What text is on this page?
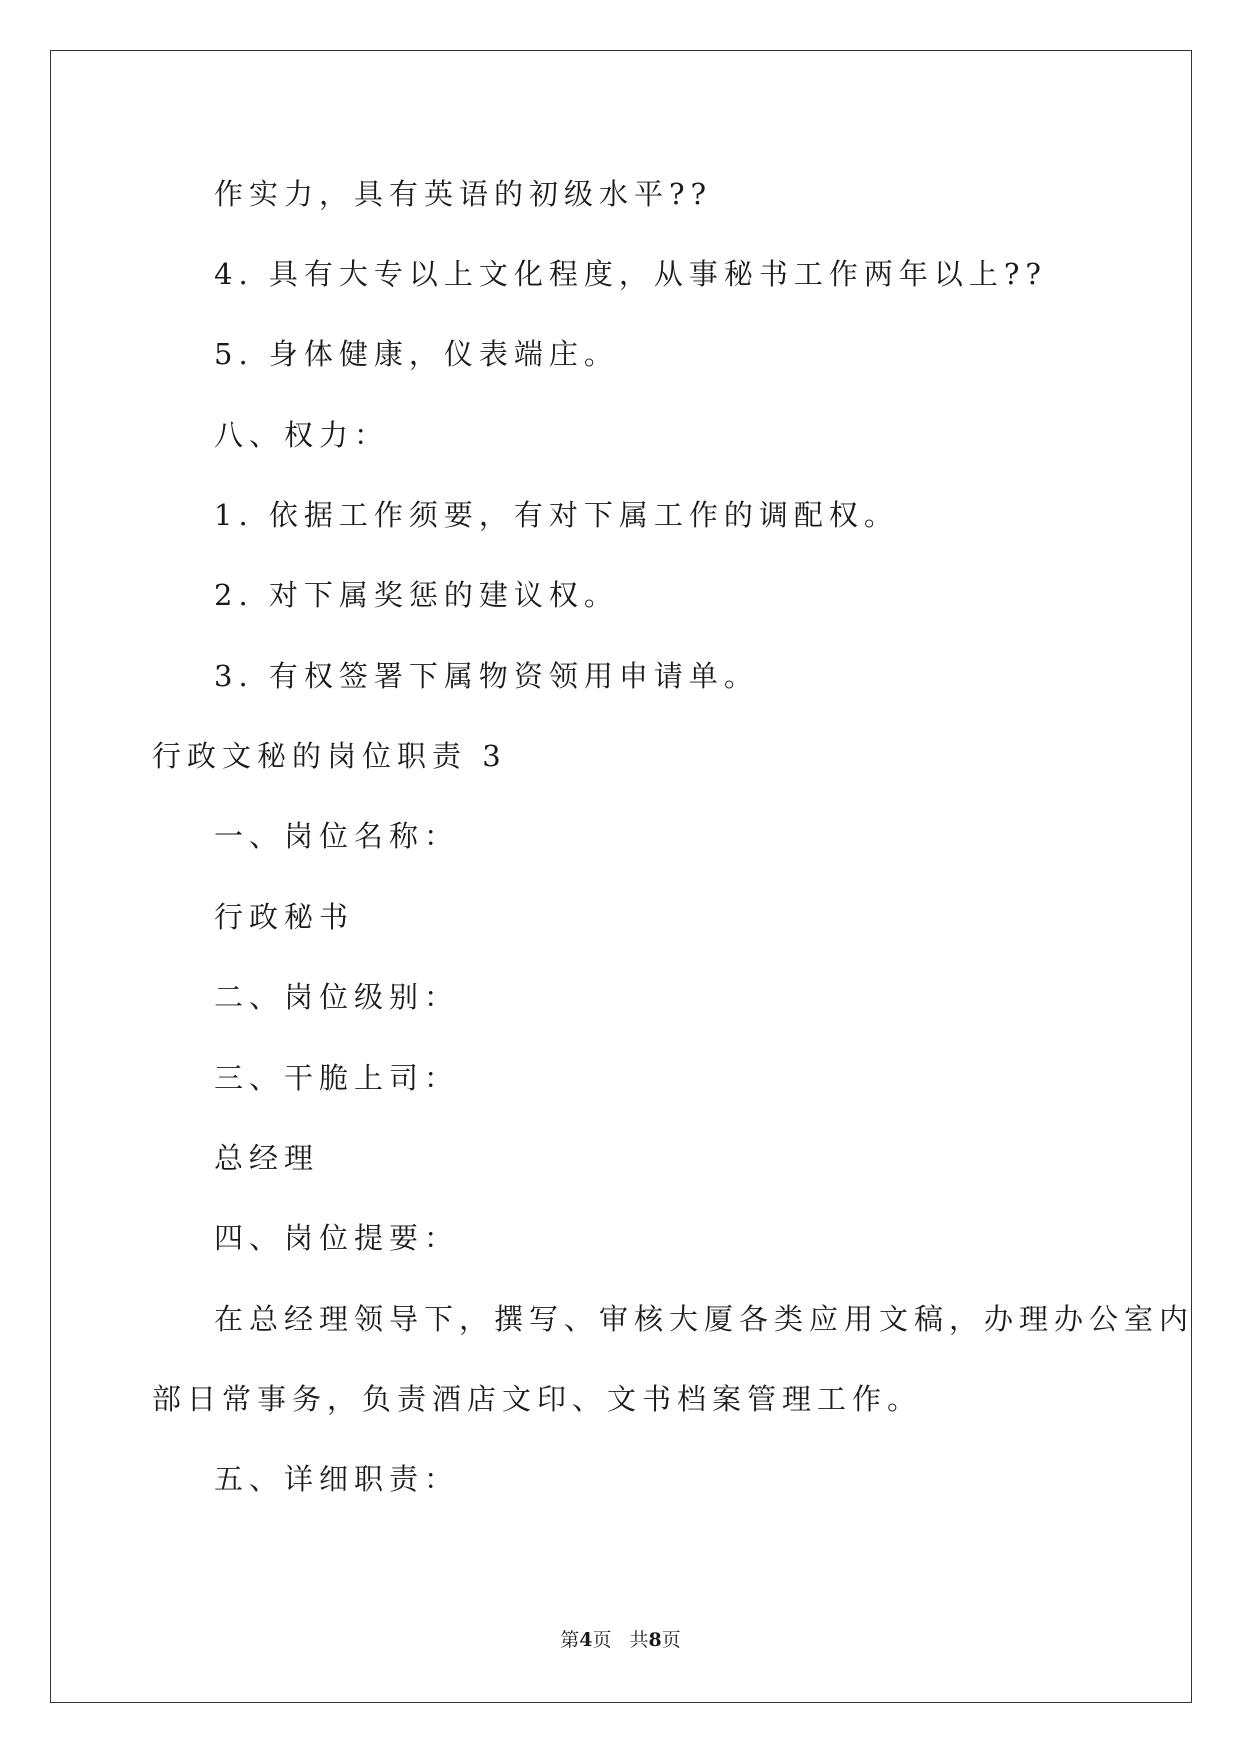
作实力，具有英语的初级水平??
4. 具有大专以上文化程度，从事秘书工作两年以上??
5. 身体健康，仪表端庄。
八、权力：
1. 依据工作须要，有对下属工作的调配权。
2. 对下属奖惩的建议权。
3. 有权签署下属物资领用申请单。
行政文秘的岗位职责 3
一、岗位名称：
行政秘书
二、岗位级别：
三、干脆上司：
总经理
四、岗位提要：
在总经理领导下，撰写、审核大厦各类应用文稿，办理办公室内
部日常事务，负责酒店文印、文书档案管理工作。
五、详细职责：
第4页 共8页
